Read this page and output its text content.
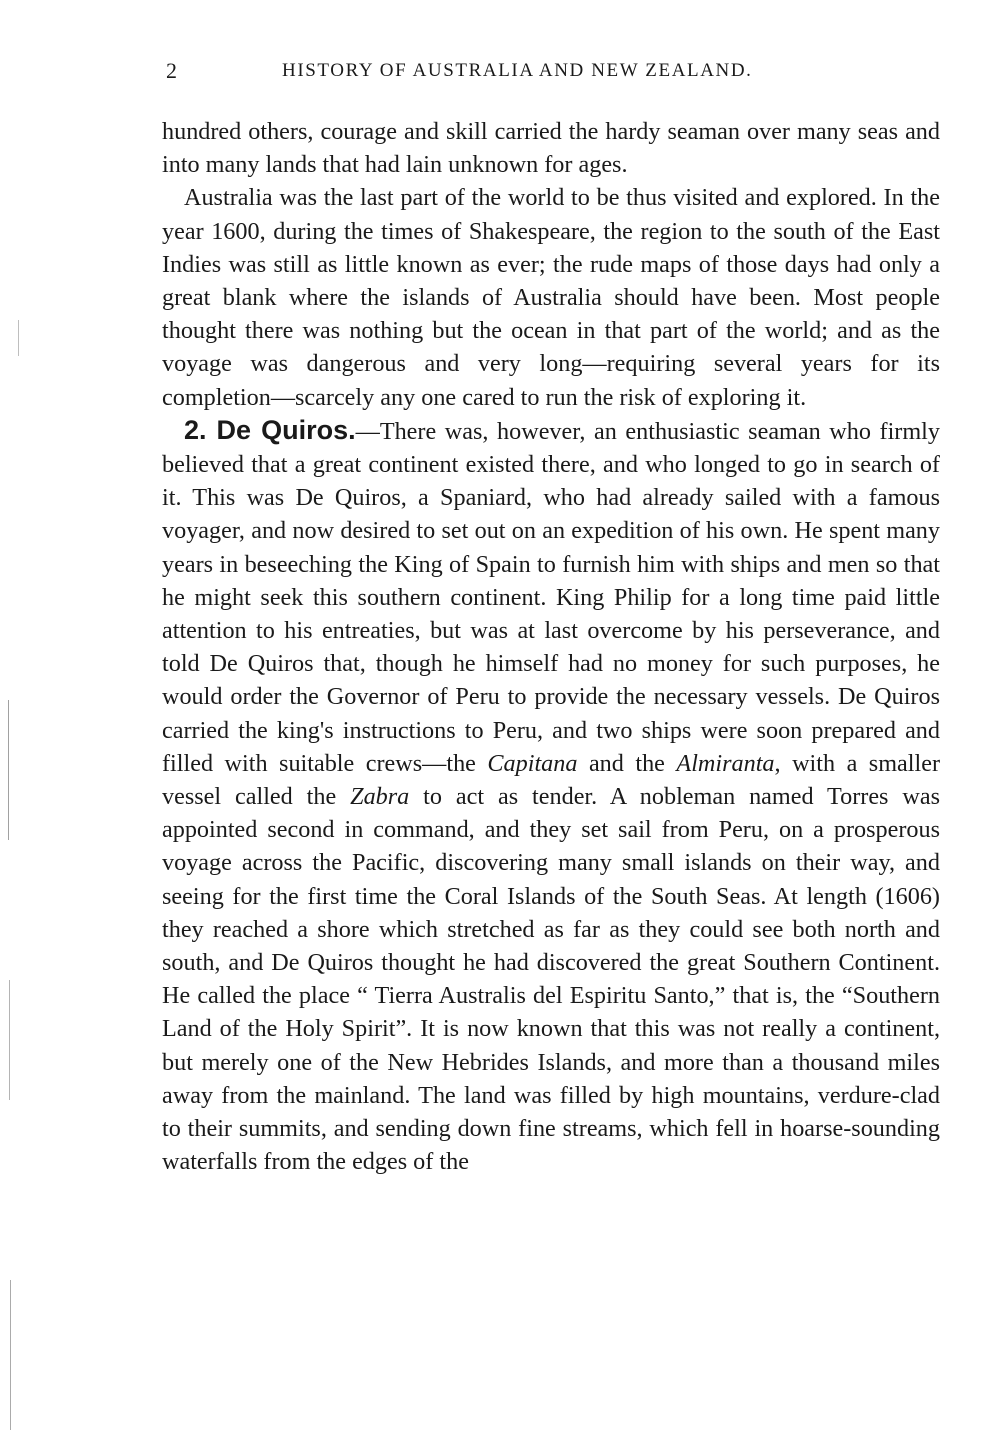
2	HISTORY OF AUSTRALIA AND NEW ZEALAND.

hundred others, courage and skill carried the hardy seaman over many seas and into many lands that had lain unknown for ages.

Australia was the last part of the world to be thus visited and explored. In the year 1600, during the times of Shakespeare, the region to the south of the East Indies was still as little known as ever; the rude maps of those days had only a great blank where the islands of Australia should have been. Most people thought there was nothing but the ocean in that part of the world; and as the voyage was dangerous and very long—requiring several years for its completion—scarcely any one cared to run the risk of exploring it.

2. De Quiros.—There was, however, an enthusiastic seaman who firmly believed that a great continent existed there, and who longed to go in search of it. This was De Quiros, a Spaniard, who had already sailed with a famous voyager, and now desired to set out on an expedition of his own. He spent many years in beseeching the King of Spain to furnish him with ships and men so that he might seek this southern continent. King Philip for a long time paid little attention to his entreaties, but was at last overcome by his perseverance, and told De Quiros that, though he himself had no money for such purposes, he would order the Governor of Peru to provide the necessary vessels. De Quiros carried the king's instructions to Peru, and two ships were soon prepared and filled with suitable crews—the Capitana and the Almiranta, with a smaller vessel called the Zabra to act as tender. A nobleman named Torres was appointed second in command, and they set sail from Peru, on a prosperous voyage across the Pacific, discovering many small islands on their way, and seeing for the first time the Coral Islands of the South Seas. At length (1606) they reached a shore which stretched as far as they could see both north and south, and De Quiros thought he had discovered the great Southern Continent. He called the place “ Tierra Australis del Espiritu Santo,” that is, the “Southern Land of the Holy Spirit”. It is now known that this was not really a continent, but merely one of the New Hebrides Islands, and more than a thousand miles away from the mainland. The land was filled by high mountains, verdure-clad to their summits, and sending down fine streams, which fell in hoarse-sounding waterfalls from the edges of the
